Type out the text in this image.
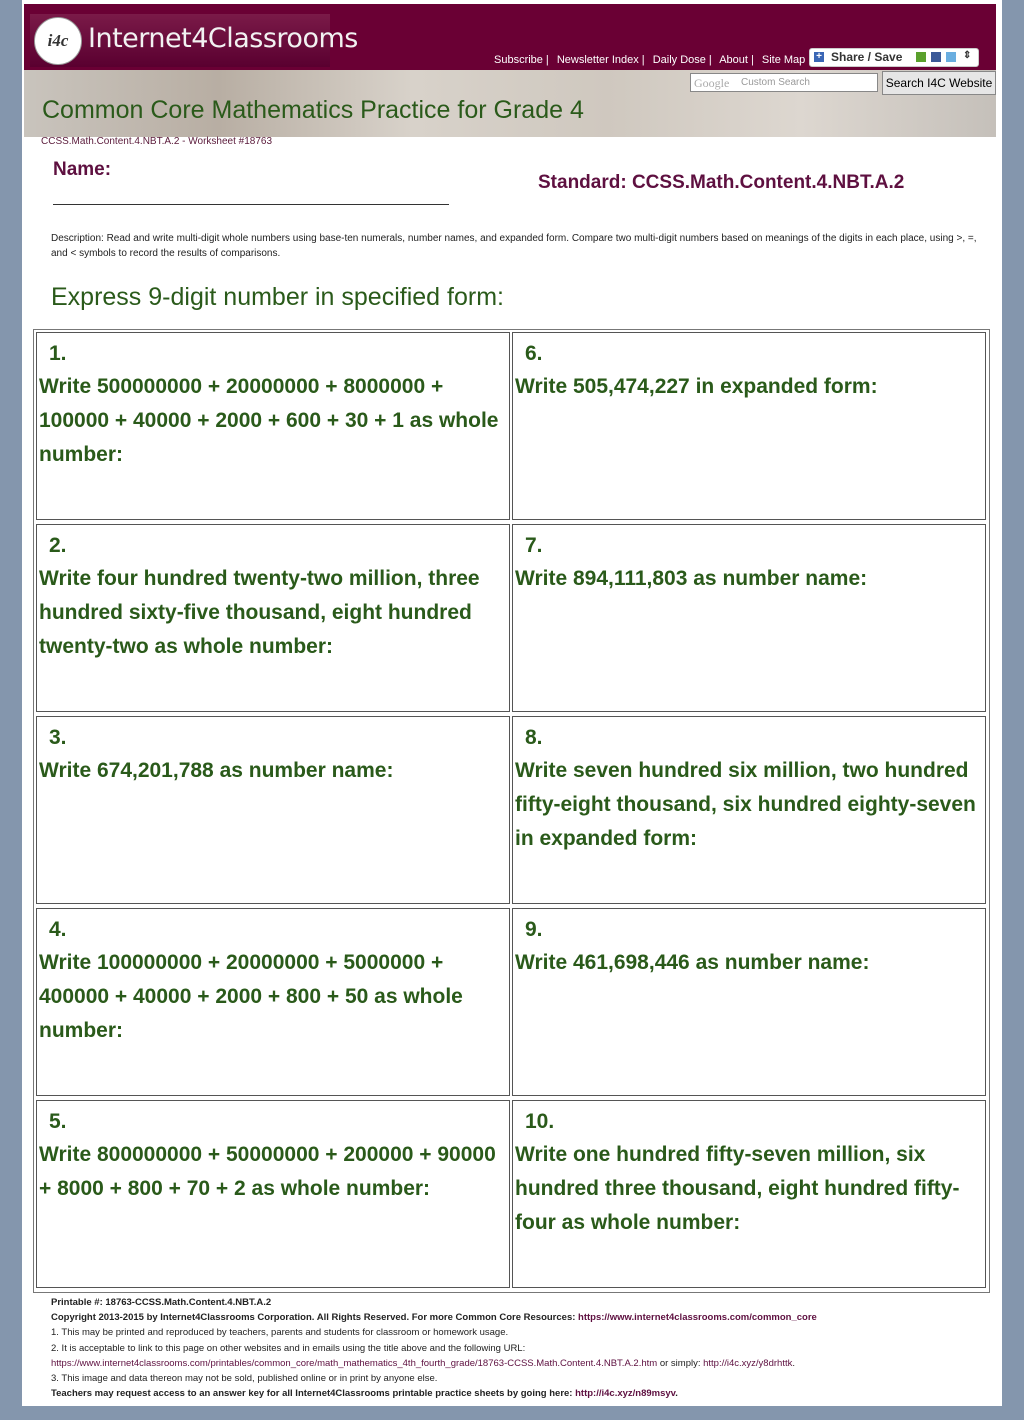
i4c Internet4Classrooms
Subscribe | Newsletter Index | Daily Dose | About | Site Map + Share / Save	⇕
Google Custom Search	Search I4C Website
Common Core Mathematics Practice for Grade 4
CCSS.Math.Content.4.NBT.A.2 - Worksheet #18763
Name:
Standard: CCSS.Math.Content.4.NBT.A.2
Description: Read and write multi-digit whole numbers using base-ten numerals, number names, and expanded form. Compare two multi-digit numbers based on meanings of the digits in each place, using >, =, and < symbols to record the results of comparisons.
Express 9-digit number in specified form:
1.
Write 500000000 + 20000000 + 8000000 + 100000 + 40000 + 2000 + 600 + 30 + 1 as whole number:
2.
Write four hundred twenty-two million, three hundred sixty-five thousand, eight hundred twenty-two as whole number:
3.
Write 674,201,788 as number name:
4.
Write 100000000 + 20000000 + 5000000 + 400000 + 40000 + 2000 + 800 + 50 as whole number:
5.
Write 800000000 + 50000000 + 200000 + 90000 + 8000 + 800 + 70 + 2 as whole number:
6.
Write 505,474,227 in expanded form:
7.
Write 894,111,803 as number name:
8.
Write seven hundred six million, two hundred fifty-eight thousand, six hundred eighty-seven in expanded form:
9.
Write 461,698,446 as number name:
10.
Write one hundred fifty-seven million, six hundred three thousand, eight hundred fifty-four as whole number:
Printable #: 18763-CCSS.Math.Content.4.NBT.A.2
Copyright 2013-2015 by Internet4Classrooms Corporation. All Rights Reserved. For more Common Core Resources: https://www.internet4classrooms.com/common_core
1. This may be printed and reproduced by teachers, parents and students for classroom or homework usage.
2. It is acceptable to link to this page on other websites and in emails using the title above and the following URL:
https://www.internet4classrooms.com/printables/common_core/math_mathematics_4th_fourth_grade/18763-CCSS.Math.Content.4.NBT.A.2.htm or simply: http://i4c.xyz/y8drhttk.
3. This image and data thereon may not be sold, published online or in print by anyone else.
Teachers may request access to an answer key for all Internet4Classrooms printable practice sheets by going here: http://i4c.xyz/n89msyv.
